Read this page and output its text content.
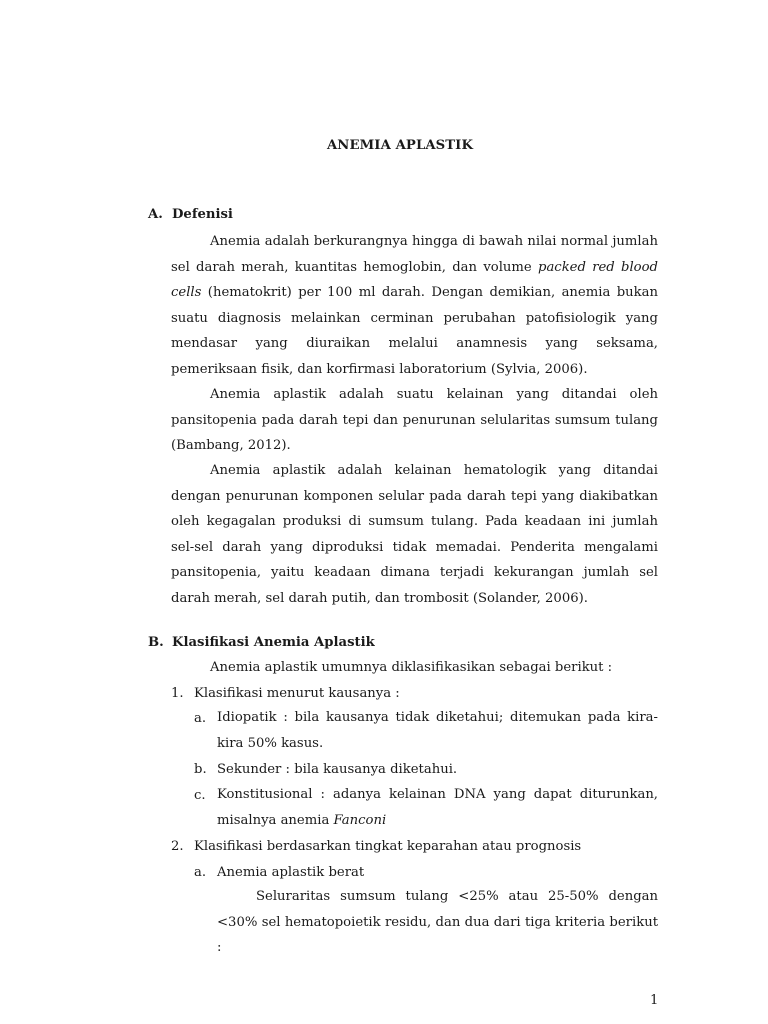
ANEMIA APLASTIK
A. Defenisi

Anemia adalah berkurangnya hingga di bawah nilai normal jumlah sel darah merah, kuantitas hemoglobin, dan volume packed red blood cells (hematokrit) per 100 ml darah. Dengan demikian, anemia bukan suatu diagnosis melainkan cerminan perubahan patofisiologik yang mendasar yang diuraikan melalui anamnesis yang seksama, pemeriksaan fisik, dan korfirmasi laboratorium (Sylvia, 2006).

Anemia aplastik adalah suatu kelainan yang ditandai oleh pansitopenia pada darah tepi dan penurunan selularitas sumsum tulang (Bambang, 2012).

Anemia aplastik adalah kelainan hematologik yang ditandai dengan penurunan komponen selular pada darah tepi yang diakibatkan oleh kegagalan produksi di sumsum tulang. Pada keadaan ini jumlah sel-sel darah yang diproduksi tidak memadai. Penderita mengalami pansitopenia, yaitu keadaan dimana terjadi kekurangan jumlah sel darah merah, sel darah putih, dan trombosit (Solander, 2006).

B. Klasifikasi Anemia Aplastik
Anemia aplastik umumnya diklasifikasikan sebagai berikut :
1. Klasifikasi menurut kausanya :
a. Idiopatik : bila kausanya tidak diketahui; ditemukan pada kira-kira 50% kasus.

b. Sekunder : bila kausanya diketahui.
c. Konstitusional : adanya kelainan DNA yang dapat diturunkan, misalnya anemia Fanconi

2. Klasifikasi berdasarkan tingkat keparahan atau prognosis
a. Anemia aplastik berat

Seluraritas sumsum tulang <25% atau 25-50% dengan <30% sel hematopoietik residu, dan dua dari tiga kriteria berikut :

1
